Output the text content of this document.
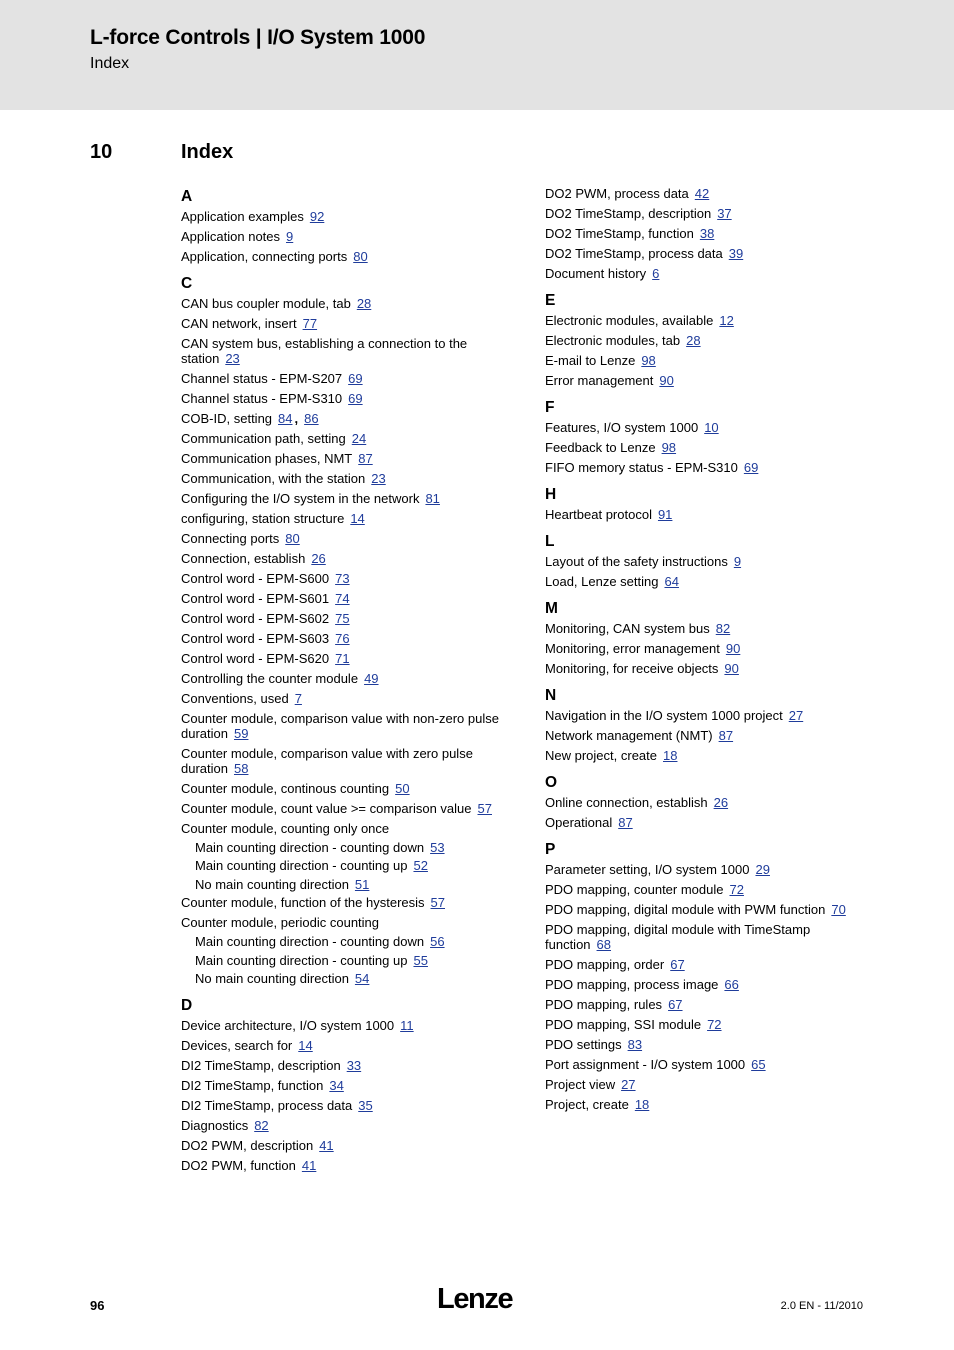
L-force Controls | I/O System 1000
Index
10	Index
A
Application examples 92
Application notes 9
Application, connecting ports 80
C
CAN bus coupler module, tab 28
CAN network, insert 77
CAN system bus, establishing a connection to the station 23
Channel status - EPM-S207 69
Channel status - EPM-S310 69
COB-ID, setting 84 , 86
Communication path, setting 24
Communication phases, NMT 87
Communication, with the station 23
Configuring the I/O system in the network 81
configuring, station structure 14
Connecting ports 80
Connection, establish 26
Control word - EPM-S600 73
Control word - EPM-S601 74
Control word - EPM-S602 75
Control word - EPM-S603 76
Control word - EPM-S620 71
Controlling the counter module 49
Conventions, used 7
Counter module, comparison value with non-zero pulse duration 59
Counter module, comparison value with zero pulse duration 58
Counter module, continous counting 50
Counter module, count value >= comparison value 57
Counter module, counting only once
Main counting direction - counting down 53
Main counting direction - counting up 52
No main counting direction 51
Counter module, function of the hysteresis 57
Counter module, periodic counting
Main counting direction - counting down 56
Main counting direction - counting up 55
No main counting direction 54
D
Device architecture, I/O system 1000 11
Devices, search for 14
DI2 TimeStamp, description 33
DI2 TimeStamp, function 34
DI2 TimeStamp, process data 35
Diagnostics 82
DO2 PWM, description 41
DO2 PWM, function 41
DO2 PWM, process data 42
DO2 TimeStamp, description 37
DO2 TimeStamp, function 38
DO2 TimeStamp, process data 39
Document history 6
E
Electronic modules, available 12
Electronic modules, tab 28
E-mail to Lenze 98
Error management 90
F
Features, I/O system 1000 10
Feedback to Lenze 98
FIFO memory status - EPM-S310 69
H
Heartbeat protocol 91
L
Layout of the safety instructions 9
Load, Lenze setting 64
M
Monitoring, CAN system bus 82
Monitoring, error management 90
Monitoring, for receive objects 90
N
Navigation in the I/O system 1000 project 27
Network management (NMT) 87
New project, create 18
O
Online connection, establish 26
Operational 87
P
Parameter setting, I/O system 1000 29
PDO mapping, counter module 72
PDO mapping, digital module with PWM function 70
PDO mapping, digital module with TimeStamp function 68
PDO mapping, order 67
PDO mapping, process image 66
PDO mapping, rules 67
PDO mapping, SSI module 72
PDO settings 83
Port assignment - I/O system 1000 65
Project view 27
Project, create 18
96	Lenze	2.0 EN - 11/2010
